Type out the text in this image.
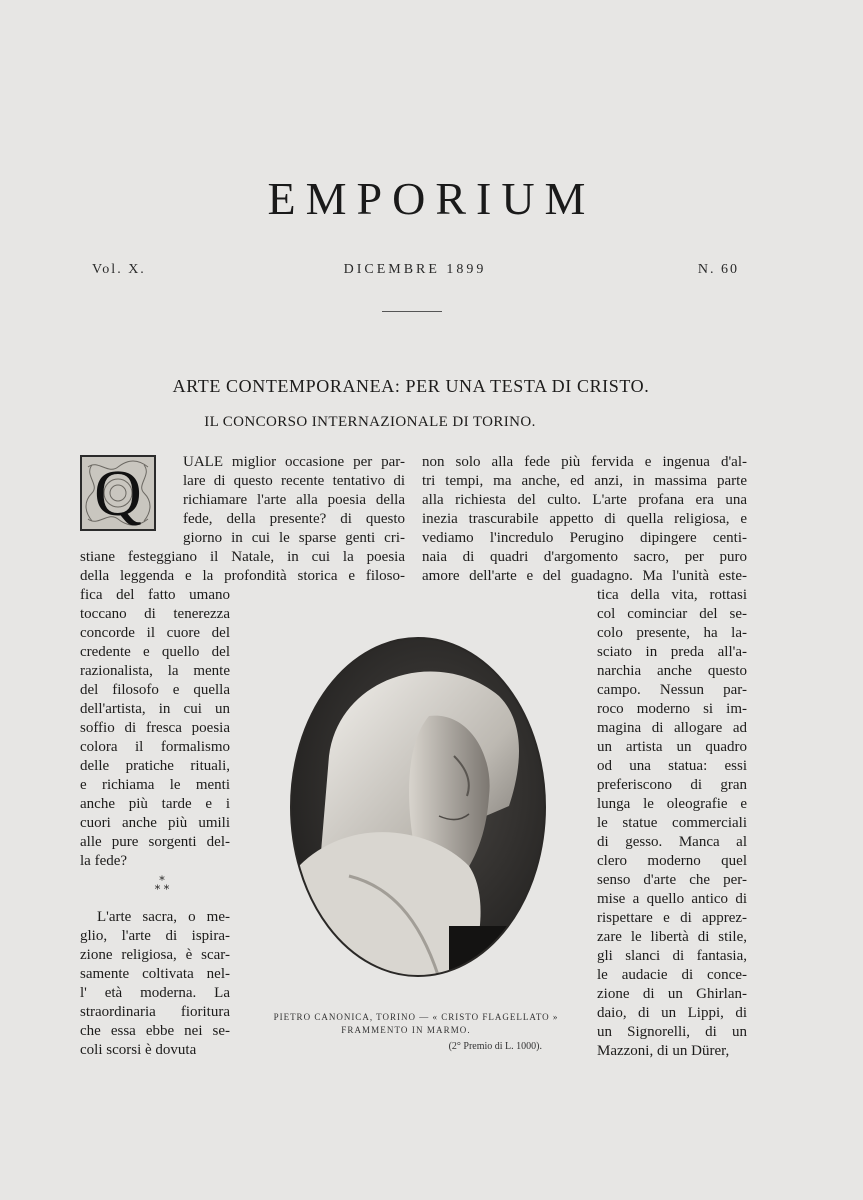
EMPORIUM
Vol. X.	DICEMBRE 1899	N. 60
ARTE CONTEMPORANEA: PER UNA TESTA DI CRISTO.
IL CONCORSO INTERNAZIONALE DI TORINO.
Q	UALE miglior occasione per par-
lare di questo recente tentativo di
richiamare l'arte alla poesia della
fede, della presente? di questo
giorno in cui le sparse genti cri-
stiane festeggiano il Natale, in cui la poesia
della leggenda e la profondità storica e filoso-
fica del fatto umano
toccano di tenerezza
concorde il cuore del
credente e quello del
razionalista, la mente
del filosofo e quella
dell'artista, in cui un
soffio di fresca poesia
colora il formalismo
delle pratiche rituali,
e richiama le menti
anche più tarde e i
cuori anche più umili
alle pure sorgenti del-
la fede?
L'arte sacra, o me-
glio, l'arte di ispira-
zione religiosa, è scar-
samente coltivata nel-
l' età moderna. La
straordinaria fioritura
che essa ebbe nei se-
coli scorsi è dovuta
non solo alla fede più fervida e ingenua d'al-
tri tempi, ma anche, ed anzi, in massima parte
alla richiesta del culto. L'arte profana era una
inezia trascurabile appetto di quella religiosa, e
vediamo l'incredulo Perugino dipingere centi-
naia di quadri d'argomento sacro, per puro
amore dell'arte e del guadagno. Ma l'unità este-
tica della vita, rottasi
col cominciar del se-
colo presente, ha la-
sciato in preda all'a-
narchia anche questo
campo. Nessun par-
roco moderno si im-
magina di allogare ad
un artista un quadro
od una statua: essi
preferiscono di gran
lunga le oleografie e
le statue commerciali
di gesso. Manca al
clero moderno quel
senso d'arte che per-
mise a quello antico di
rispettare e di apprez-
zare le libertà di stile,
gli slanci di fantasia,
le audacie di conce-
zione di un Ghirlan-
daio, di un Lippi, di
un Signorelli, di un
Mazzoni, di un Dürer,
*
* *
PIETRO CANONICA, TORINO — « CRISTO FLAGELLATO »
FRAMMENTO IN MARMO.
(2° Premio di L. 1000).
